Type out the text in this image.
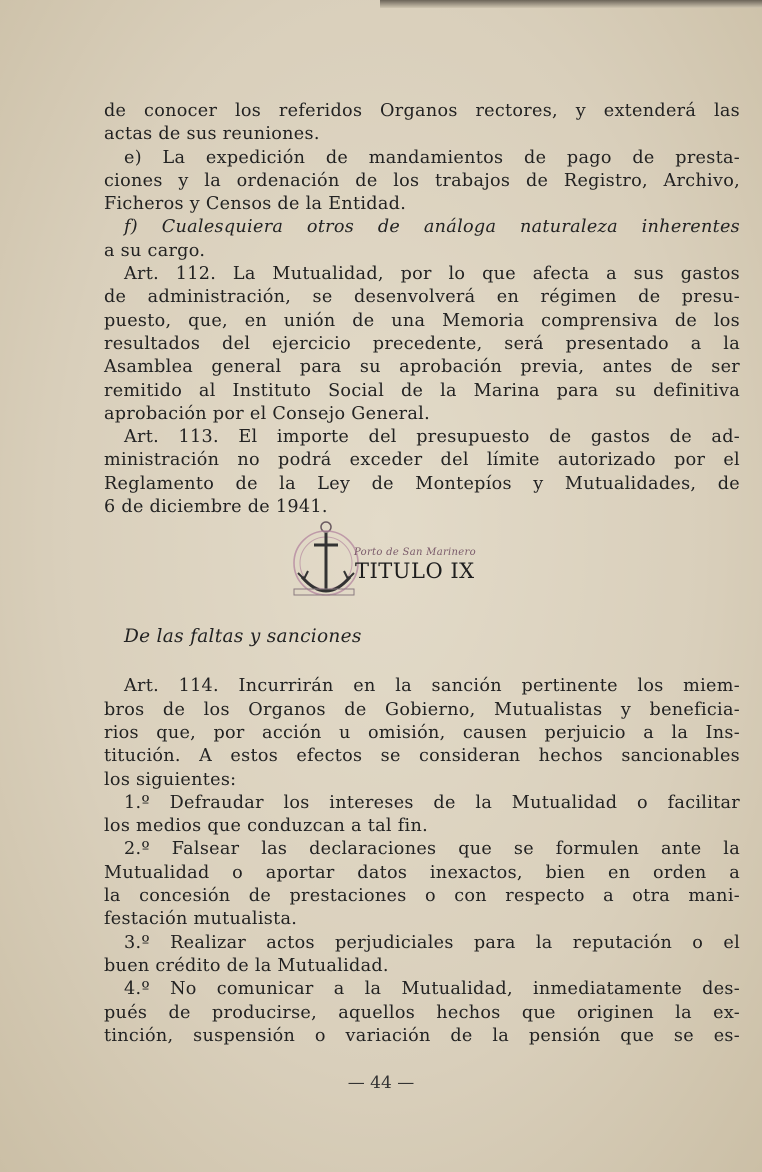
de conocer los referidos Organos rectores, y extenderá las
actas de sus reuniones.

e) La expedición de mandamientos de pago de presta-

ciones y la ordenación de los trabajos de Registro, Archivo,
Ficheros y Censos de la Entidad.

f) Cualesquiera otros de análoga naturaleza inherentes

a su cargo.

Art. 112. La Mutualidad, por lo que afecta a sus gastos

de administración, se desenvolverá en régimen de presu-
puesto, que, en unión de una Memoria comprensiva de los
resultados del ejercicio precedente, será presentado a la
Asamblea general para su aprobación previa, antes de ser
remitido al Instituto Social de la Marina para su definitiva
aprobación por el Consejo General.

Art. 113. El importe del presupuesto de gastos de ad-

ministración no podrá exceder del límite autorizado por el
Reglamento de la Ley de Montepíos y Mutualidades, de
6 de diciembre de 1941.

Porto de San Marinero
TITULO IX

De las faltas y sanciones

Art. 114. Incurrirán en la sanción pertinente los miem-

bros de los Organos de Gobierno, Mutualistas y beneficia-
rios que, por acción u omisión, causen perjuicio a la Ins-
titución. A estos efectos se consideran hechos sancionables
los siguientes:

1.º Defraudar los intereses de la Mutualidad o facilitar

los medios que conduzcan a tal fin.

2.º Falsear las declaraciones que se formulen ante la

Mutualidad o aportar datos inexactos, bien en orden a
la concesión de prestaciones o con respecto a otra mani-
festación mutualista.

3.º Realizar actos perjudiciales para la reputación o el

buen crédito de la Mutualidad.

4.º No comunicar a la Mutualidad, inmediatamente des-

pués de producirse, aquellos hechos que originen la ex-
tinción, suspensión o variación de la pensión que se es-

— 44 —
